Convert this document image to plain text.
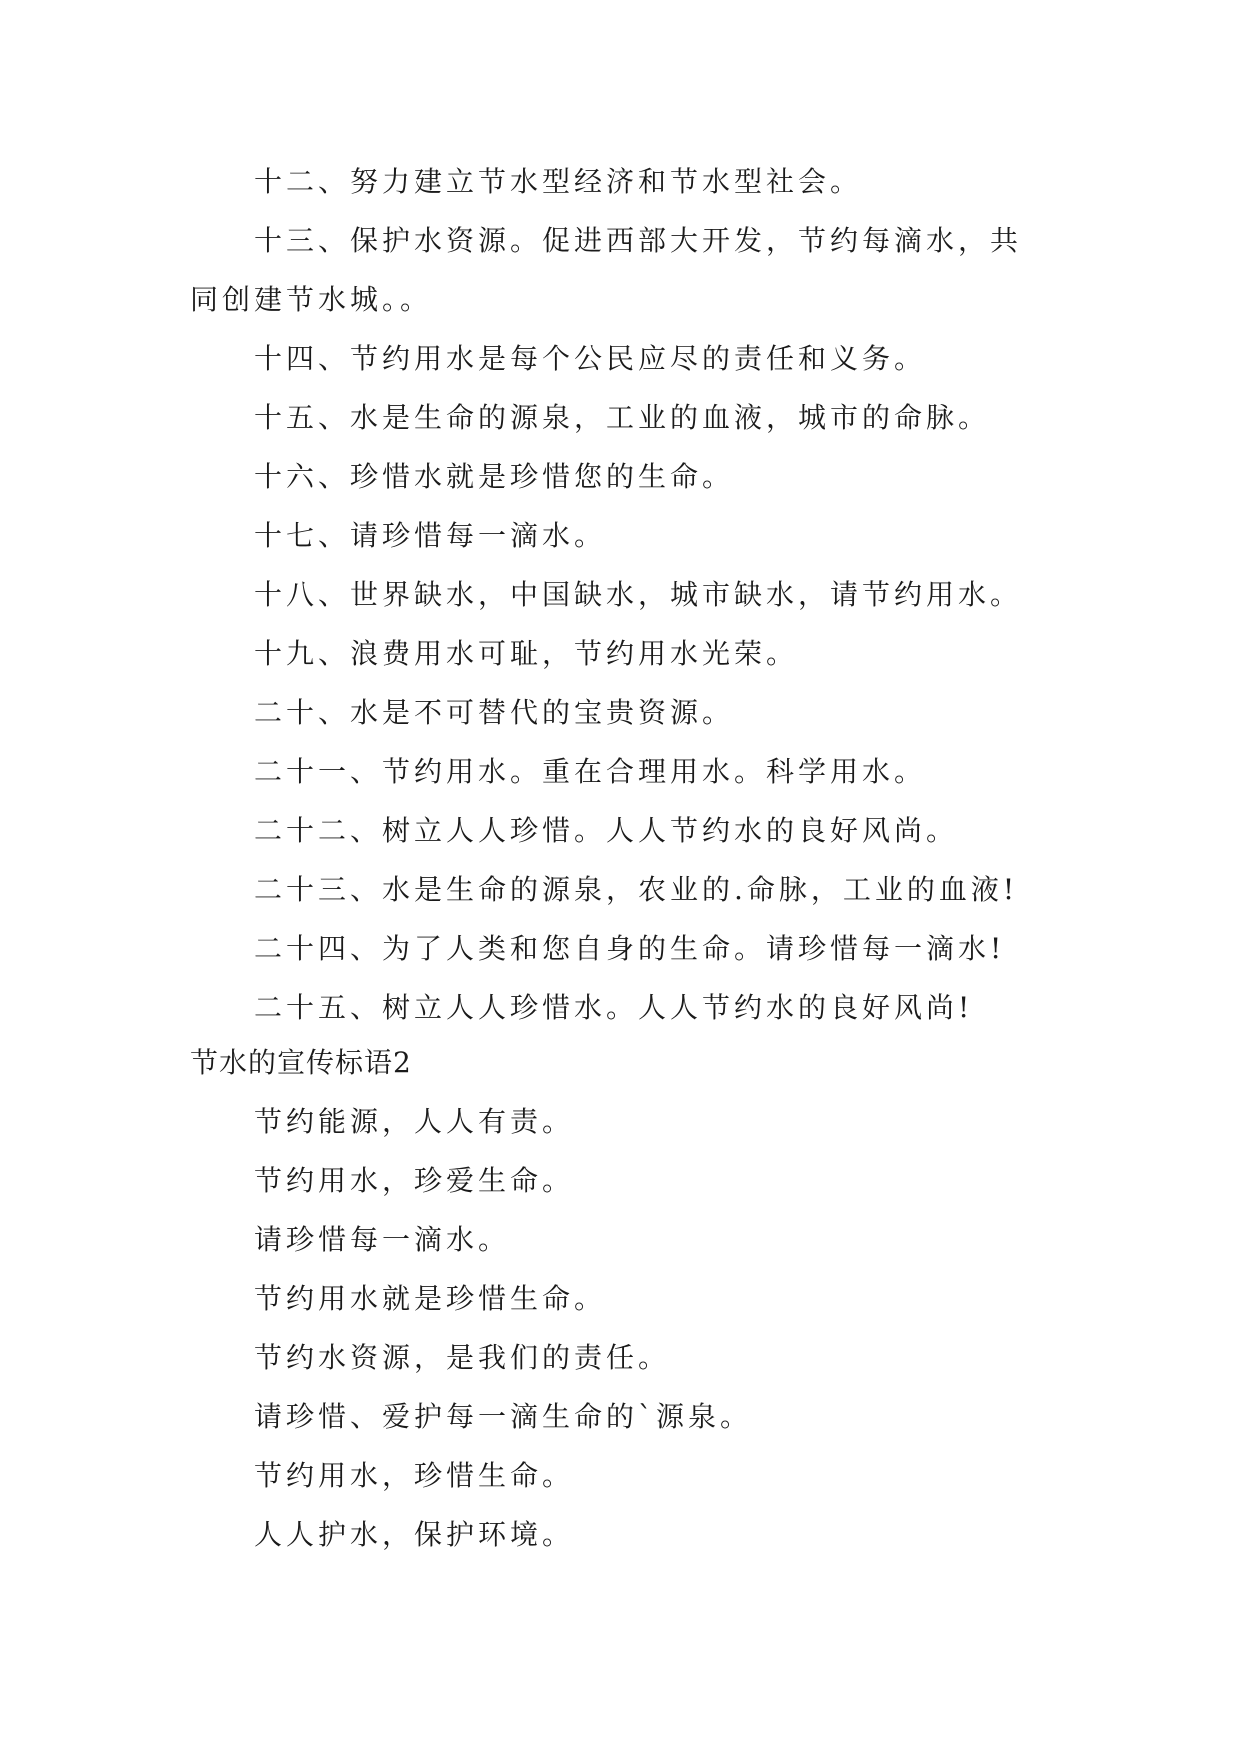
十二、努力建立节水型经济和节水型社会。
十三、保护水资源。促进西部大开发，节约每滴水，共
同创建节水城。。
十四、节约用水是每个公民应尽的责任和义务。
十五、水是生命的源泉，工业的血液，城市的命脉。
十六、珍惜水就是珍惜您的生命。
十七、请珍惜每一滴水。
十八、世界缺水，中国缺水，城市缺水，请节约用水。
十九、浪费用水可耻，节约用水光荣。
二十、水是不可替代的宝贵资源。
二十一、节约用水。重在合理用水。科学用水。
二十二、树立人人珍惜。人人节约水的良好风尚。
二十三、水是生命的源泉，农业的.命脉，工业的血液!
二十四、为了人类和您自身的生命。请珍惜每一滴水!
二十五、树立人人珍惜水。人人节约水的良好风尚!
节水的宣传标语2
节约能源，人人有责。
节约用水，珍爱生命。
请珍惜每一滴水。
节约用水就是珍惜生命。
节约水资源，是我们的责任。
请珍惜、爱护每一滴生命的`源泉。
节约用水，珍惜生命。
人人护水，保护环境。
